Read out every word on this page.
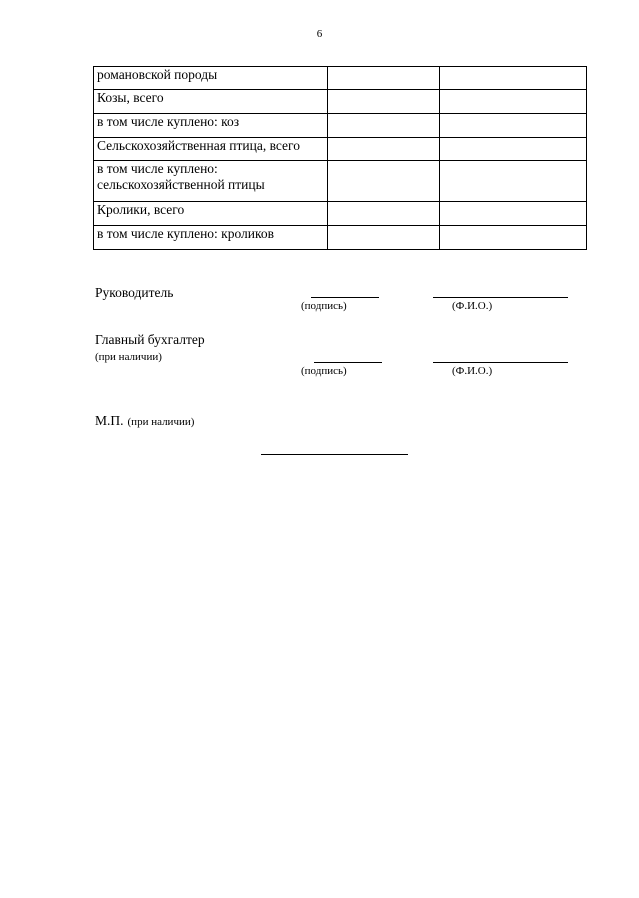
6
романовской породы		
Козы, всего		
в том числе куплено: коз		
Сельскохозяйственная птица, всего		
в том числе куплено: сельскохозяйственной птицы		
Кролики, всего		
в том числе куплено: кроликов		
Руководитель
(подпись)	(Ф.И.О.)
Главный бухгалтер
(при наличии)
(подпись)	(Ф.И.О.)
М.П. (при наличии)
